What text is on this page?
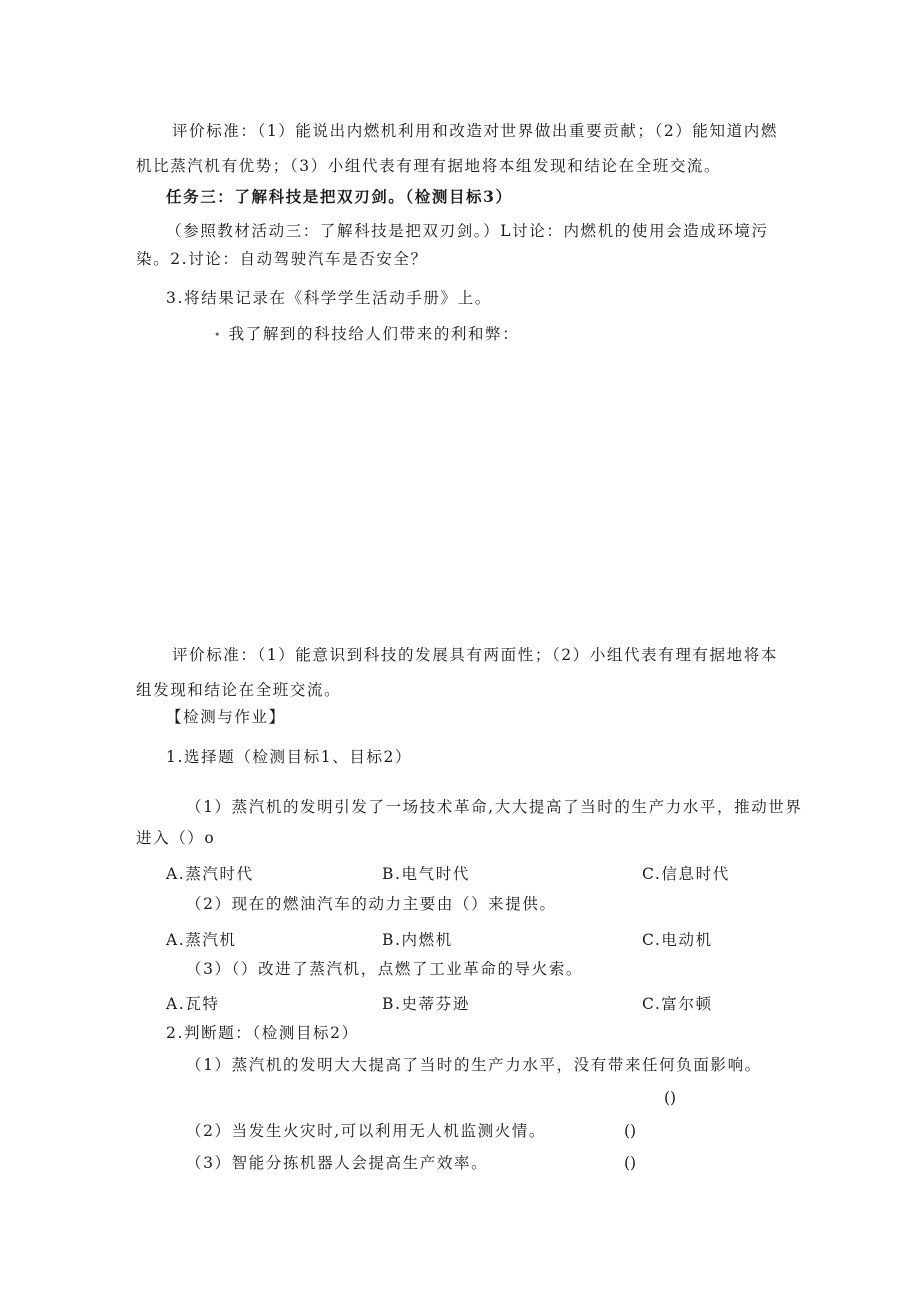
评价标准：（1）能说出内燃机利用和改造对世界做出重要贡献；（2）能知道内燃
机比蒸汽机有优势；（3）小组代表有理有据地将本组发现和结论在全班交流。
任务三：了解科技是把双刃剑。（检测目标3）
（参照教材活动三：了解科技是把双刃剑。）L讨论：内燃机的使用会造成环境污
染。2.讨论：自动驾驶汽车是否安全？
3.将结果记录在《科学学生活动手册》上。
• 我了解到的科技给人们带来的利和弊：
评价标准：（1）能意识到科技的发展具有两面性；（2）小组代表有理有据地将本
组发现和结论在全班交流。
【检测与作业】
1.选择题（检测目标1、目标2）
（1）蒸汽机的发明引发了一场技术革命,大大提高了当时的生产力水平，推动世界
进入（）o
A.蒸汽时代	B.电气时代	C.信息时代
（2）现在的燃油汽车的动力主要由（）来提供。
A.蒸汽机	B.内燃机	C.电动机
（3）（）改进了蒸汽机，点燃了工业革命的导火索。
A.瓦特	B.史蒂芬逊	C.富尔顿
2.判断题：（检测目标2）
（1）蒸汽机的发明大大提高了当时的生产力水平，没有带来任何负面影响。
()
（2）当发生火灾时,可以利用无人机监测火情。	()
（3）智能分拣机器人会提高生产效率。	()
